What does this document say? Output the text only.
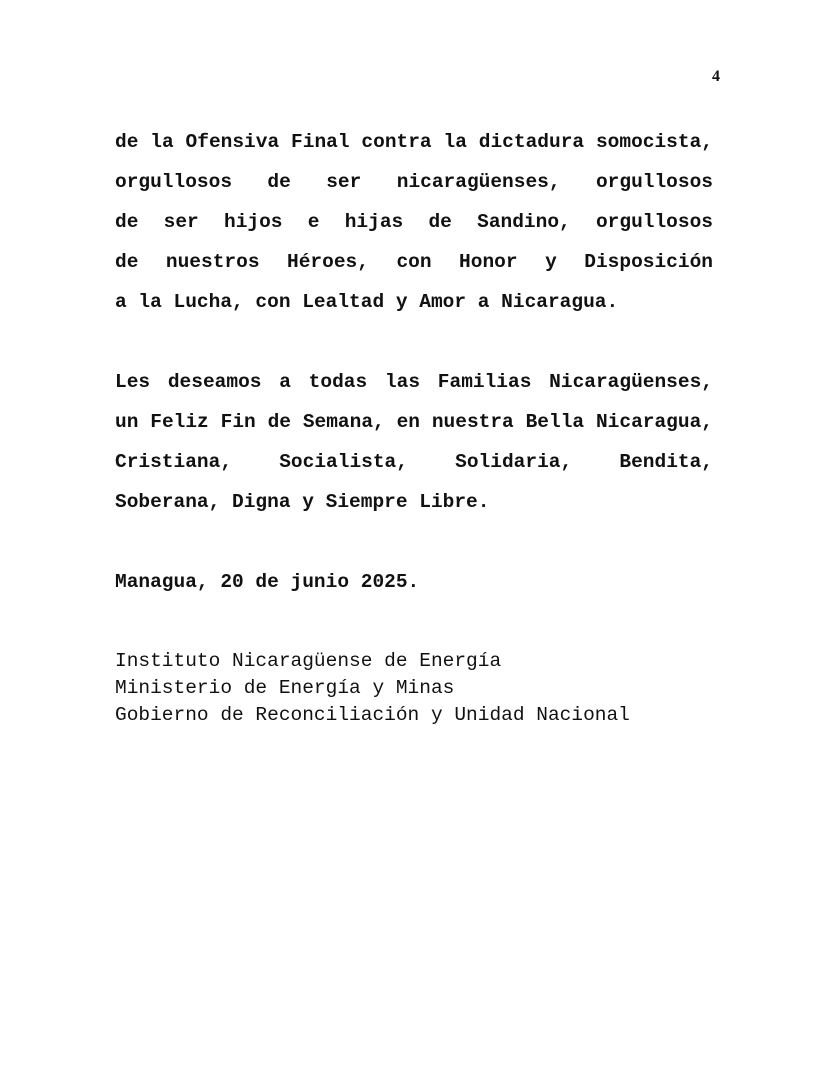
4
de la Ofensiva Final contra la dictadura somocista,
orgullosos de ser nicaragüenses, orgullosos
de ser hijos e hijas de Sandino, orgullosos
de nuestros Héroes, con Honor y Disposición
a la Lucha, con Lealtad y Amor a Nicaragua.
Les deseamos a todas las Familias Nicaragüenses,
un Feliz Fin de Semana, en nuestra Bella Nicaragua,
Cristiana, Socialista, Solidaria, Bendita,
Soberana, Digna y Siempre Libre.
Managua, 20 de junio 2025.
Instituto Nicaragüense de Energía
Ministerio de Energía y Minas
Gobierno de Reconciliación y Unidad Nacional
